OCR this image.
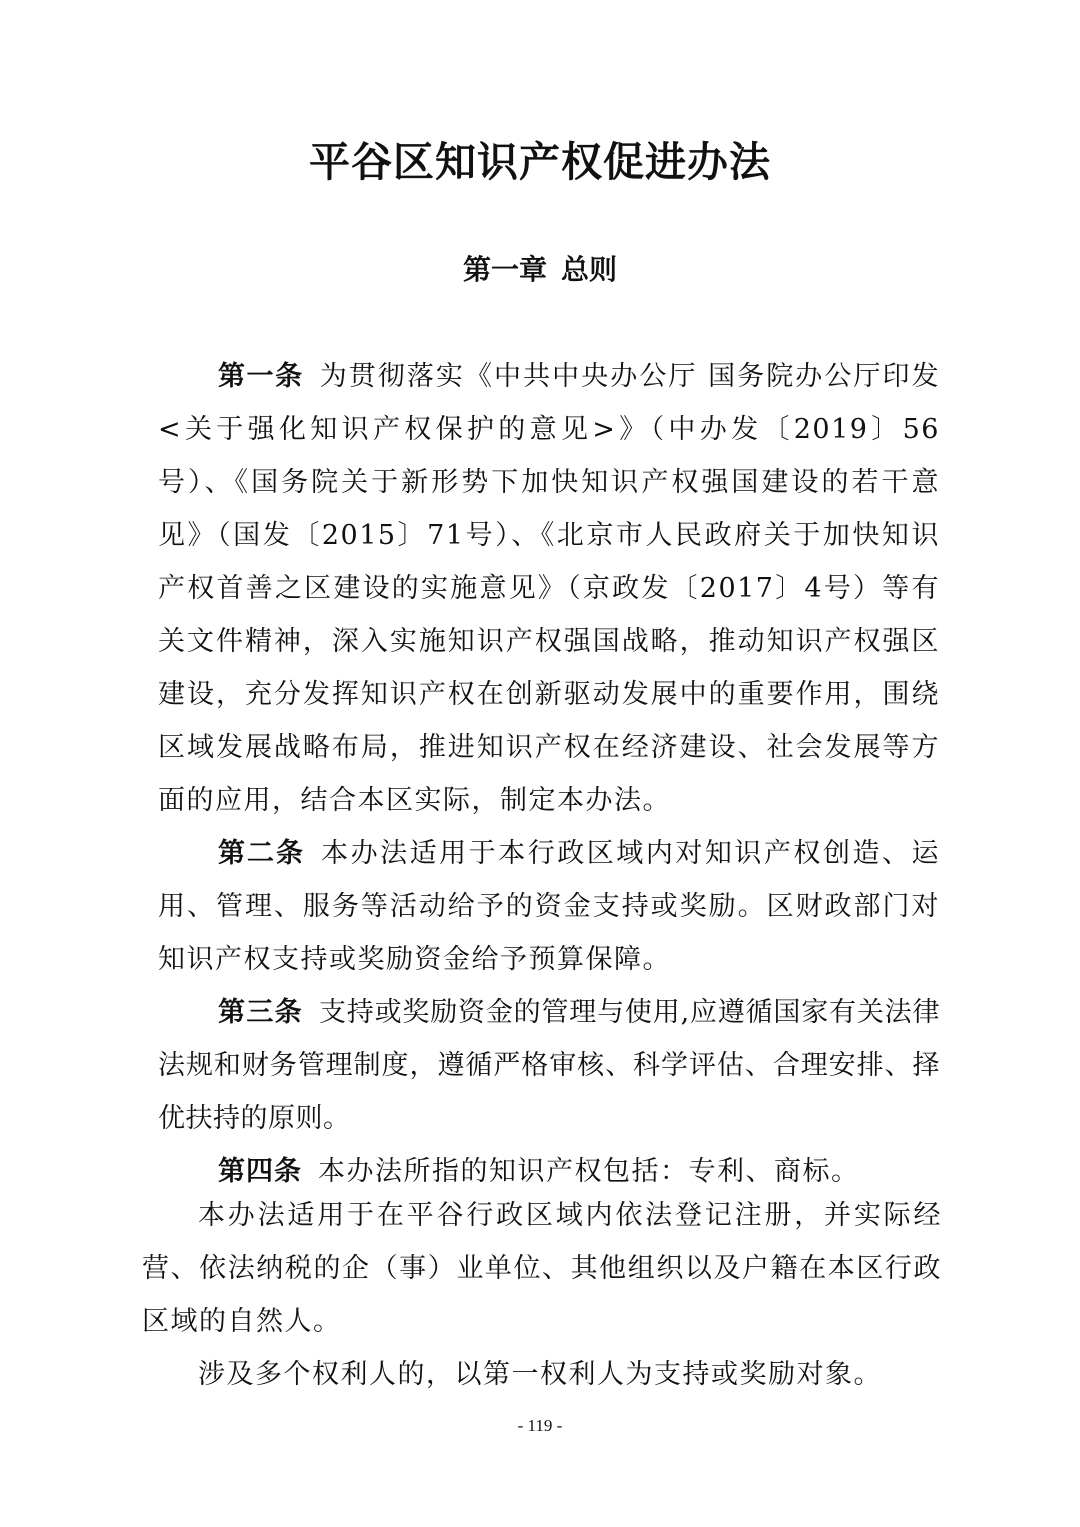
平谷区知识产权促进办法
第一章 总则

第一条 为贯彻落实《中共中央办公厅 国务院办公厅印发<关于强化知识产权保护的意见>》（中办发〔2019〕56号）、《国务院关于新形势下加快知识产权强国建设的若干意见》（国发〔2015〕71号）、《北京市人民政府关于加快知识产权首善之区建设的实施意见》（京政发〔2017〕4号）等有关文件精神，深入实施知识产权强国战略，推动知识产权强区建设，充分发挥知识产权在创新驱动发展中的重要作用，围绕区域发展战略布局，推进知识产权在经济建设、社会发展等方面的应用，结合本区实际，制定本办法。

第二条 本办法适用于本行政区域内对知识产权创造、运用、管理、服务等活动给予的资金支持或奖励。区财政部门对知识产权支持或奖励资金给予预算保障。

第三条 支持或奖励资金的管理与使用,应遵循国家有关法律法规和财务管理制度，遵循严格审核、科学评估、合理安排、择优扶持的原则。

第四条 本办法所指的知识产权包括：专利、商标。

本办法适用于在平谷行政区域内依法登记注册，并实际经营、依法纳税的企（事）业单位、其他组织以及户籍在本区行政区域的自然人。

涉及多个权利人的，以第一权利人为支持或奖励对象。

- 119 -
